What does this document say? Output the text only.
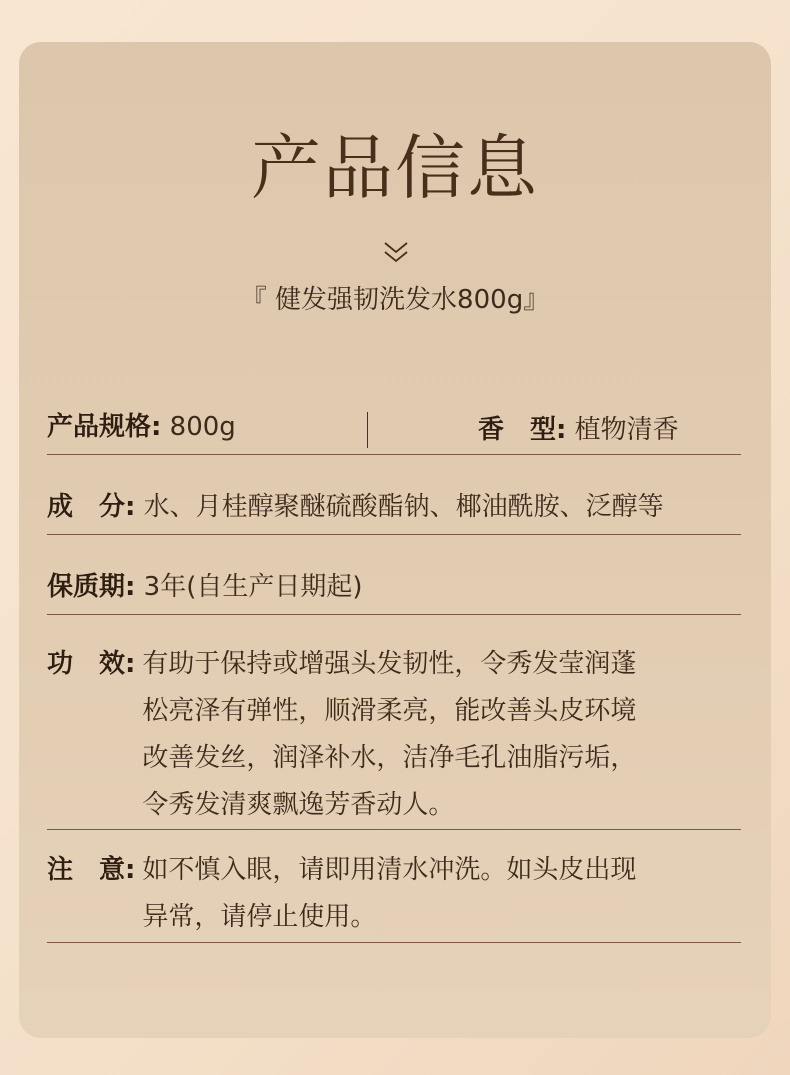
产品信息
『 健发强韧洗发水800g』
产品规格: 800g	香　型: 植物清香
成　分: 水、月桂醇聚醚硫酸酯钠、椰油酰胺、泛醇等
保质期: 3年(自生产日期起)
功　效: 有助于保持或增强头发韧性，令秀发莹润蓬
松亮泽有弹性，顺滑柔亮，能改善头皮环境
改善发丝，润泽补水，洁净毛孔油脂污垢，
令秀发清爽飘逸芳香动人。
注　意: 如不慎入眼，请即用清水冲洗。如头皮出现
异常，请停止使用。
